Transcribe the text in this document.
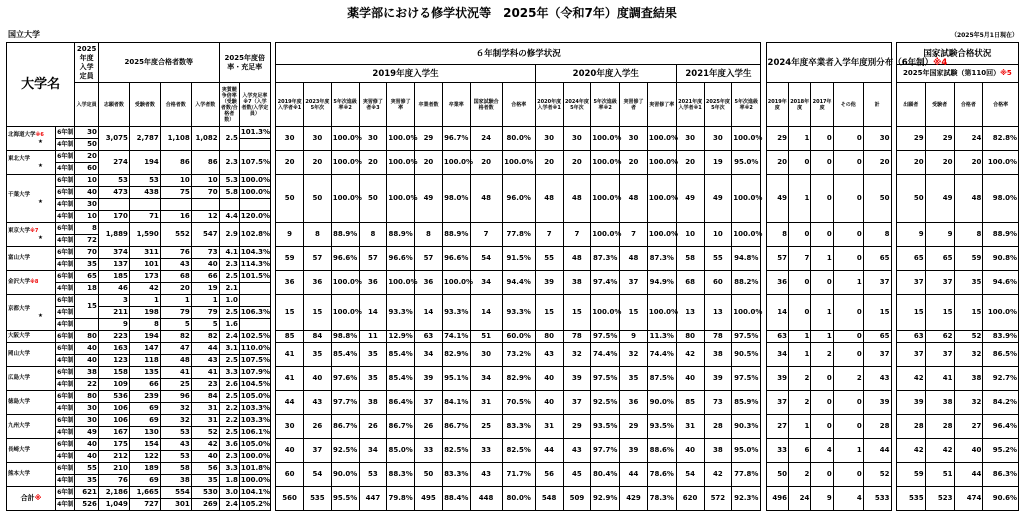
薬学部における修学状況等　2025年（令和7年）度調査結果
国立大学	（2025年5月1日現在）
大学名		2025年度入学定員	2025年度合格者数等				2025年度倍率・充足率			６年制学科の修学状況																		2024年度卒業者入学年度別分布（6年制）※4						国家試験合格状況			
										2019年度入学生									2020年度入学生					2021年度入学生										2025年国家試験（第110回）※5			
		入学定員	志願者数	受験者数	合格者数	入学者数	実質競争倍率（受験者数/合格者数）	入学充足率※7（入学者数/入学定員）		2019年度入学者※1	2023年度5年次	5年次進級率※2	実習修了者※3	実習修了率	卒業者数	卒業率	国家試験合格者数	合格率	2020年度入学者※1	2024年度5年次	5年次進級率※2	実習修了者	実習修了率	2021年度入学者※1	2025年度5年次	5年次進級率※2		2019年度	2018年度	2017年度	その他	計		出願者	受験者	合格者	合格率
北海道大学※6
★	6年制	30	3,075	2,787	1,108	1,082	2.5	101.3%		30	30	100.0%	30	100.0%	29	96.7%	24	80.0%	30	30	100.0%	30	100.0%	30	30	100.0%		29	1	0	0	30		29	29	24	82.8%
	4年制	50																																			
東北大学
★	6年制	20	274	194	86	86	2.3	107.5%		20	20	100.0%	20	100.0%	20	100.0%	20	100.0%	20	20	100.0%	20	100.0%	20	19	95.0%		20	0	0	0	20		20	20	20	100.0%
	4年制	60																																			
千葉大学
★	6年制	10	53	53	10	10	5.3	100.0%		50	50	100.0%	50	100.0%	49	98.0%	48	96.0%	48	48	100.0%	48	100.0%	49	49	100.0%		49	1	0	0	50		50	49	48	98.0%
	6年制	40	473	438	75	70	5.8	100.0%																													
	4年制	30																																			
	4年制	10	170	71	16	12	4.4	120.0%																													
東京大学※7
★	6年制	8	1,889	1,590	552	547	2.9	102.8%		9	8	88.9%	8	88.9%	8	88.9%	7	77.8%	7	7	100.0%	7	100.0%	10	10	100.0%		8	0	0	0	8		9	9	8	88.9%
	4年制	72																																			
富山大学	6年制	70	374	311	76	73	4.1	104.3%		59	57	96.6%	57	96.6%	57	96.6%	54	91.5%	55	48	87.3%	48	87.3%	58	55	94.8%		57	7	1	0	65		65	65	59	90.8%
	4年制	35	137	101	43	40	2.3	114.3%																													
金沢大学※8	6年制	65	185	173	68	66	2.5	101.5%		36	36	100.0%	36	100.0%	36	100.0%	34	94.4%	39	38	97.4%	37	94.9%	68	60	88.2%		36	0	0	1	37		37	37	35	94.6%
	4年制	18	46	42	20	19	2.1																														
京都大学
★	6年制	15	3	1	1	1	1.0			15	15	100.0%	14	93.3%	14	93.3%	14	93.3%	15	15	100.0%	15	100.0%	13	13	100.0%		14	0	1	0	15		15	15	15	100.0%
	4年制		211	198	79	79	2.5	106.3%																													
	4年制		9	8	5	5	1.6																														
大阪大学	6年制	80	223	194	82	82	2.4	102.5%		85	84	98.8%	11	12.9%	63	74.1%	51	60.0%	80	78	97.5%	9	11.3%	80	78	97.5%		63	1	1	0	65		63	62	52	83.9%
岡山大学	6年制	40	163	147	47	44	3.1	110.0%		41	35	85.4%	35	85.4%	34	82.9%	30	73.2%	43	32	74.4%	32	74.4%	42	38	90.5%		34	1	2	0	37		37	37	32	86.5%
	4年制	40	123	118	48	43	2.5	107.5%																													
広島大学	6年制	38	158	135	41	41	3.3	107.9%		41	40	97.6%	35	85.4%	39	95.1%	34	82.9%	40	39	97.5%	35	87.5%	40	39	97.5%		39	2	0	2	43		42	41	38	92.7%
	4年制	22	109	66	25	23	2.6	104.5%																													
徳島大学	6年制	80	536	239	96	84	2.5	105.0%		44	43	97.7%	38	86.4%	37	84.1%	31	70.5%	40	37	92.5%	36	90.0%	85	73	85.9%		37	2	0	0	39		39	38	32	84.2%
	4年制	30	106	69	32	31	2.2	103.3%																													
九州大学	6年制	30	106	69	32	31	2.2	103.3%		30	26	86.7%	26	86.7%	26	86.7%	25	83.3%	31	29	93.5%	29	93.5%	31	28	90.3%		27	1	0	0	28		28	28	27	96.4%
	4年制	49	167	130	53	52	2.5	106.1%																													
長崎大学	6年制	40	175	154	43	42	3.6	105.0%		40	37	92.5%	34	85.0%	33	82.5%	33	82.5%	44	43	97.7%	39	88.6%	40	38	95.0%		33	6	4	1	44		42	42	40	95.2%
	4年制	40	212	122	53	40	2.3	100.0%																													
熊本大学	6年制	55	210	189	58	56	3.3	101.8%		60	54	90.0%	53	88.3%	50	83.3%	43	71.7%	56	45	80.4%	44	78.6%	54	42	77.8%		50	2	0	0	52		59	51	44	86.3%
	4年制	35	76	69	38	35	1.8	100.0%																													
合計※	6年制	621	2,186	1,665	554	530	3.0	104.1%		560	535	95.5%	447	79.8%	495	88.4%	448	80.0%	548	509	92.9%	429	78.3%	620	572	92.3%		496	24	9	4	533		535	523	474	90.6%
	4年制	526	1,049	727	301	269	2.4	105.2%																													
